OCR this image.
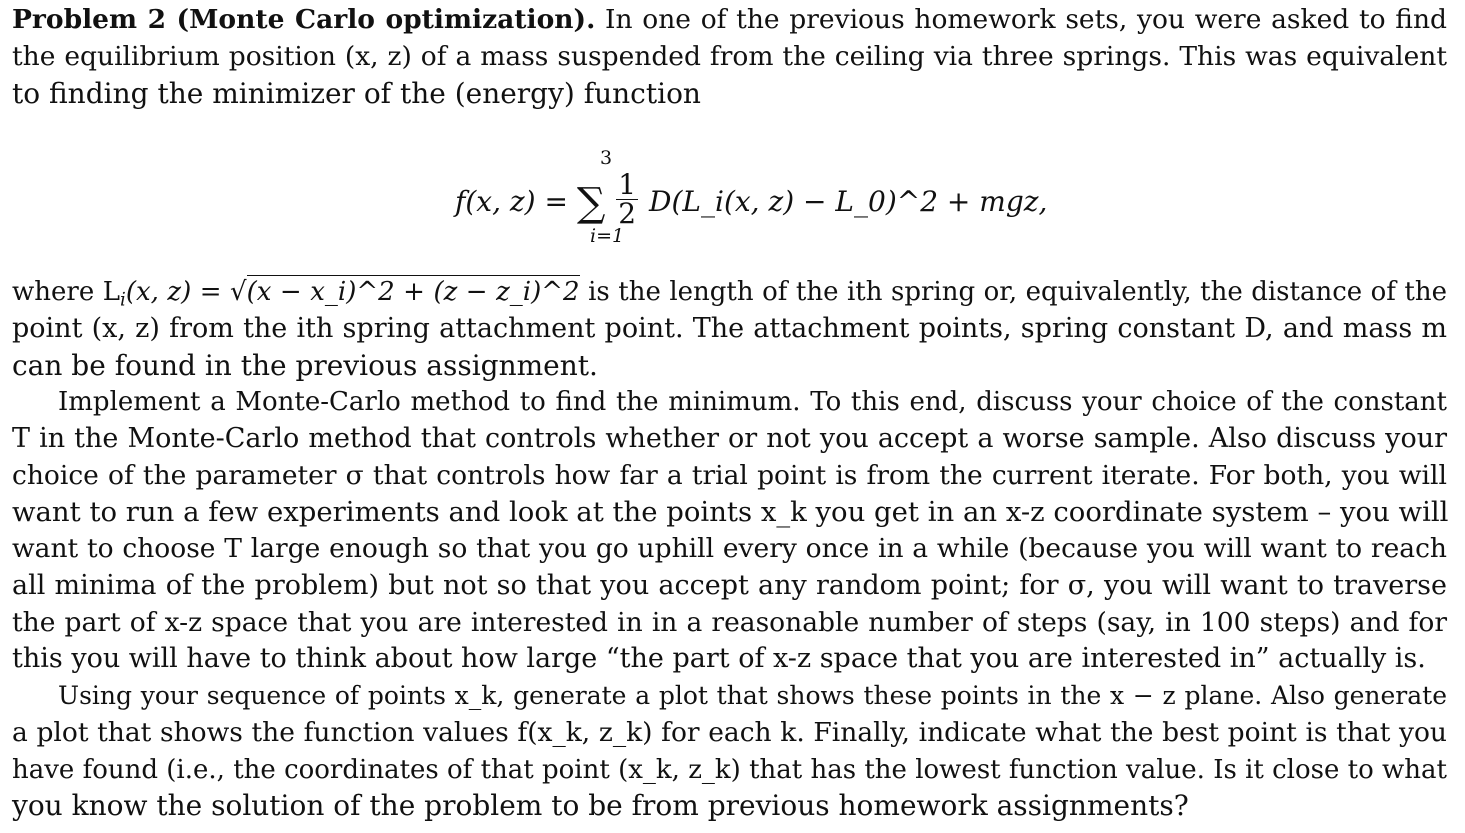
Problem 2 (Monte Carlo optimization). In one of the previous homework sets, you were asked to find
the equilibrium position (x, z) of a mass suspended from the ceiling via three springs. This was equivalent
to finding the minimizer of the (energy) function
3
i=1
f(x, z) = ∑ $\frac{1}{2}$ D(L_i(x, z) − L_0)^2 + mgz,
where $L_i(x$, z) = √(x − x_i)^2 + (z − z_i)^2 is the length of the ith spring or, equivalently, the distance of the
point (x, z) from the ith spring attachment point. The attachment points, spring constant D, and mass m
can be found in the previous assignment.
Implement a Monte-Carlo method to find the minimum. To this end, discuss your choice of the constant
T in the Monte-Carlo method that controls whether or not you accept a worse sample. Also discuss your
choice of the parameter σ that controls how far a trial point is from the current iterate. For both, you will
want to run a few experiments and look at the points x_k you get in an x-z coordinate system – you will
want to choose T large enough so that you go uphill every once in a while (because you will want to reach
all minima of the problem) but not so that you accept any random point; for σ, you will want to traverse
the part of x-z space that you are interested in in a reasonable number of steps (say, in 100 steps) and for
this you will have to think about how large “the part of x-z space that you are interested in” actually is.
Using your sequence of points x_k, generate a plot that shows these points in the x − z plane. Also generate
a plot that shows the function values f(x_k, z_k) for each k. Finally, indicate what the best point is that you
have found (i.e., the coordinates of that point (x_k, z_k) that has the lowest function value. Is it close to what
you know the solution of the problem to be from previous homework assignments?
